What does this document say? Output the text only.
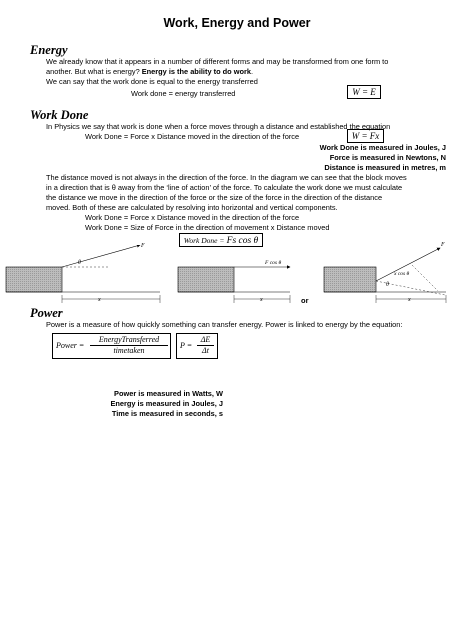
Work, Energy and Power
Energy
We already know that it appears in a number of different forms and may be transformed from one form to
another. But what is energy? Energy is the ability to do work.
We can say that the work done is equal to the energy transferred
Work done = energy transferred	W = E
Work Done
In Physics we say that work is done when a force moves through a distance and established the equation
Work Done = Force x Distance moved in the direction of the force	W = Fx
Work Done is measured in Joules, J
Force is measured in Newtons, N
Distance is measured in metres, m
The distance moved is not always in the direction of the force. In the diagram we can see that the block moves
in a direction that is θ away from the ‘line of action’ of the force. To calculate the work done we must calculate
the distance we move in the direction of the force or the size of the force in the direction of the distance
moved. Both of these are calculated by resolving into horizontal and vertical components.
Work Done = Force x Distance moved in the direction of the force
Work Done = Size of Force in the direction of movement x Distance moved
Work Done = Fs cos θ
F
θ
x
F cos θ
x
F
x cos θ
θ
x
or
Power
Power is a measure of how quickly something can transfer energy. Power is linked to energy by the equation:
Power =
EnergyTransferred
timetaken
P =
ΔE
Δt
Power is measured in Watts, W
Energy is measured in Joules, J
Time is measured in seconds, s
